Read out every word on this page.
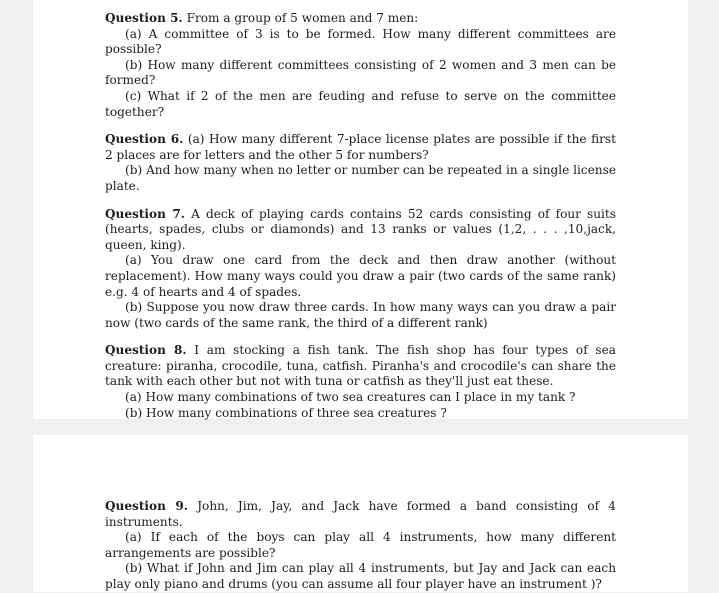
Question 5. From a group of 5 women and 7 men:

(a) A committee of 3 is to be formed. How many different committees are possible?

(b) How many different committees consisting of 2 women and 3 men can be formed?

(c) What if 2 of the men are feuding and refuse to serve on the committee together?

Question 6. (a) How many different 7-place license plates are possible if the first 2 places are for letters and the other 5 for numbers?

(b) And how many when no letter or number can be repeated in a single license plate.

Question 7. A deck of playing cards contains 52 cards consisting of four suits (hearts, spades, clubs or diamonds) and 13 ranks or values (1,2, . . . ,10,jack, queen, king).

(a) You draw one card from the deck and then draw another (without replacement). How many ways could you draw a pair (two cards of the same rank) e.g. 4 of hearts and 4 of spades.

(b) Suppose you now draw three cards. In how many ways can you draw a pair now (two cards of the same rank, the third of a different rank)

Question 8. I am stocking a fish tank. The fish shop has four types of sea creature: piranha, crocodile, tuna, catfish. Piranha's and crocodile's can share the tank with each other but not with tuna or catfish as they'll just eat these.

(a) How many combinations of two sea creatures can I place in my tank ?

(b) How many combinations of three sea creatures ?

Question 9. John, Jim, Jay, and Jack have formed a band consisting of 4 instruments.

(a) If each of the boys can play all 4 instruments, how many different arrangements are possible?

(b) What if John and Jim can play all 4 instruments, but Jay and Jack can each play only piano and drums (you can assume all four player have an instrument )?
